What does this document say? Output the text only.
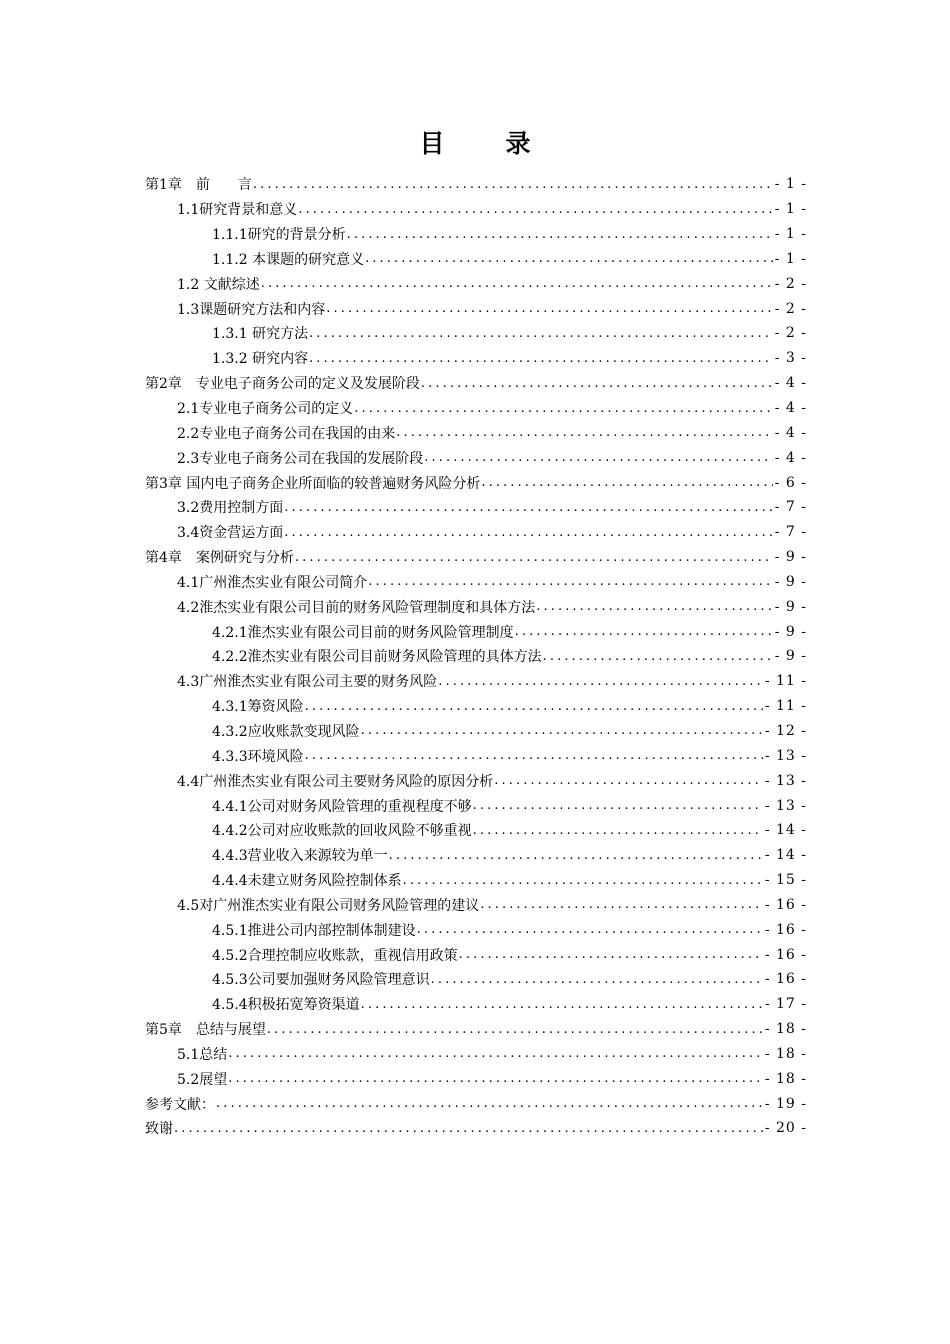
目　录
第1章　前　　言 .....	- 1 -
1.1研究背景和意义 .....	- 1 -
1.1.1研究的背景分析 .....	- 1 -
1.1.2 本课题的研究意义 .....	- 1 -
1.2 文献综述 .....	- 2 -
1.3课题研究方法和内容 .....	- 2 -
1.3.1 研究方法 .....	- 2 -
1.3.2 研究内容 .....	- 3 -
第2章　专业电子商务公司的定义及发展阶段 .....	- 4 -
2.1专业电子商务公司的定义 .....	- 4 -
2.2专业电子商务公司在我国的由来 .....	- 4 -
2.3专业电子商务公司在我国的发展阶段 .....	- 4 -
第3章 国内电子商务企业所面临的较普遍财务风险分析 .....	- 6 -
3.2费用控制方面 .....	- 7 -
3.4资金营运方面 .....	- 7 -
第4章　案例研究与分析 .....	- 9 -
4.1广州淮杰实业有限公司简介 .....	- 9 -
4.2淮杰实业有限公司目前的财务风险管理制度和具体方法 .....	- 9 -
4.2.1淮杰实业有限公司目前的财务风险管理制度 .....	- 9 -
4.2.2淮杰实业有限公司目前财务风险管理的具体方法 .....	- 9 -
4.3广州淮杰实业有限公司主要的财务风险 .....	- 11 -
4.3.1筹资风险 .....	- 11 -
4.3.2应收账款变现风险 .....	- 12 -
4.3.3环境风险 .....	- 13 -
4.4广州淮杰实业有限公司主要财务风险的原因分析 .....	- 13 -
4.4.1公司对财务风险管理的重视程度不够 .....	- 13 -
4.4.2公司对应收账款的回收风险不够重视 .....	- 14 -
4.4.3营业收入来源较为单一 .....	- 14 -
4.4.4未建立财务风险控制体系 .....	- 15 -
4.5对广州淮杰实业有限公司财务风险管理的建议 .....	- 16 -
4.5.1推进公司内部控制体制建设 .....	- 16 -
4.5.2合理控制应收账款，重视信用政策 .....	- 16 -
4.5.3公司要加强财务风险管理意识 .....	- 16 -
4.5.4积极拓宽筹资渠道 .....	- 17 -
第5章　总结与展望 .....	- 18 -
5.1总结 .....	- 18 -
5.2展望 .....	- 18 -
参考文献： .....	- 19 -
致谢 .....	- 20 -
